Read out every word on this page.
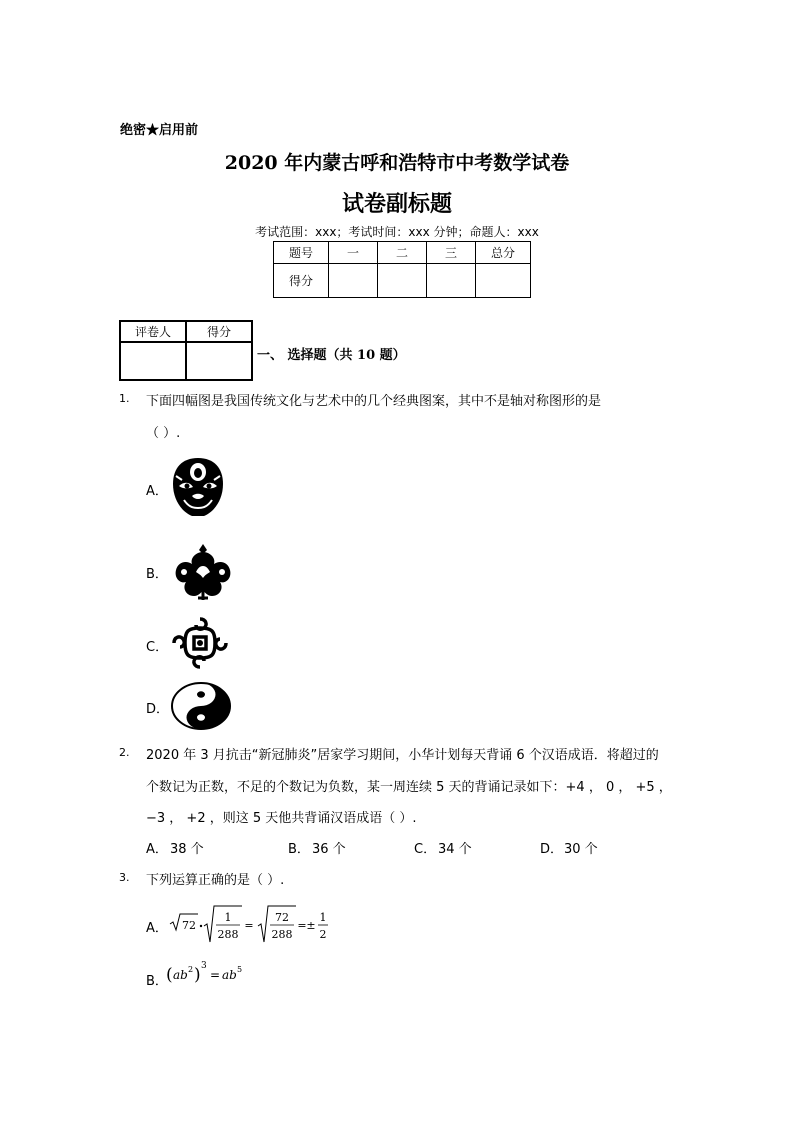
绝密★启用前
2020 年内蒙古呼和浩特市中考数学试卷
试卷副标题
考试范围：xxx；考试时间：xxx 分钟；命题人：xxx
题号	一	二	三	总分
得分				
评卷人	得分

一、 选择题（共 10 题）
1. 下面四幅图是我国传统文化与艺术中的几个经典图案，其中不是轴对称图形的是
（ ）.
A．
B．
C．
D．
2. 2020 年 3 月抗击“新冠肺炎”居家学习期间，小华计划每天背诵 6 个汉语成语．将超过的
个数记为正数，不足的个数记为负数，某一周连续 5 天的背诵记录如下：+4 ， 0 ， +5 ，
−3 ， +2 ，则这 5 天他共背诵汉语成语（ ）.
A． 38 个	B． 36 个	C． 34 个	D． 30 个
3. 下列运算正确的是（ ）.
A． 72
1
288
=
72
288
= ±
1
2
B．
( ab 2 ) 3
= ab 5
